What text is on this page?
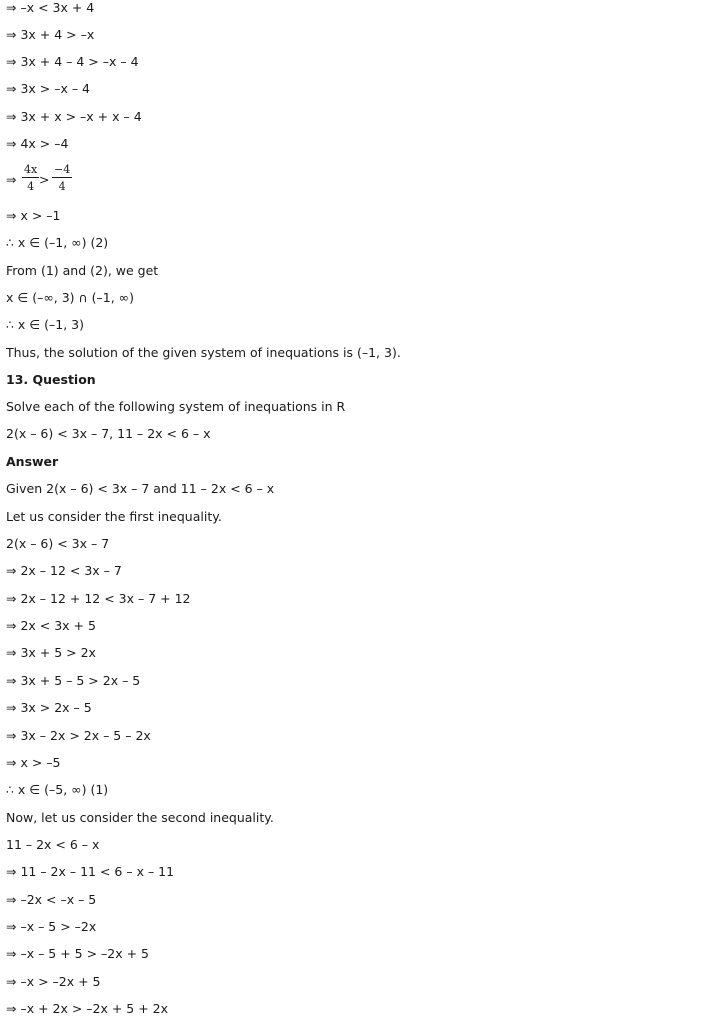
⇒ –x < 3x + 4
⇒ 3x + 4 > –x
⇒ 3x + 4 – 4 > –x – 4
⇒ 3x > –x – 4
⇒ 3x + x > –x + x – 4
⇒ 4x > –4
⇒ $\frac{4x}{4} > \frac{-4}{4}$
⇒ x > –1
∴ x ∈ (–1, ∞) (2)
From (1) and (2), we get
x ∈ (–∞, 3) ∩ (–1, ∞)
∴ x ∈ (–1, 3)
Thus, the solution of the given system of inequations is (–1, 3).
13. Question
Solve each of the following system of inequations in R
2(x – 6) < 3x – 7, 11 – 2x < 6 – x
Answer
Given 2(x – 6) < 3x – 7 and 11 – 2x < 6 – x
Let us consider the first inequality.
2(x – 6) < 3x – 7
⇒ 2x – 12 < 3x – 7
⇒ 2x – 12 + 12 < 3x – 7 + 12
⇒ 2x < 3x + 5
⇒ 3x + 5 > 2x
⇒ 3x + 5 – 5 > 2x – 5
⇒ 3x > 2x – 5
⇒ 3x – 2x > 2x – 5 – 2x
⇒ x > –5
∴ x ∈ (–5, ∞) (1)
Now, let us consider the second inequality.
11 – 2x < 6 – x
⇒ 11 – 2x – 11 < 6 – x – 11
⇒ –2x < –x – 5
⇒ –x – 5 > –2x
⇒ –x – 5 + 5 > –2x + 5
⇒ –x > –2x + 5
⇒ –x + 2x > –2x + 5 + 2x
